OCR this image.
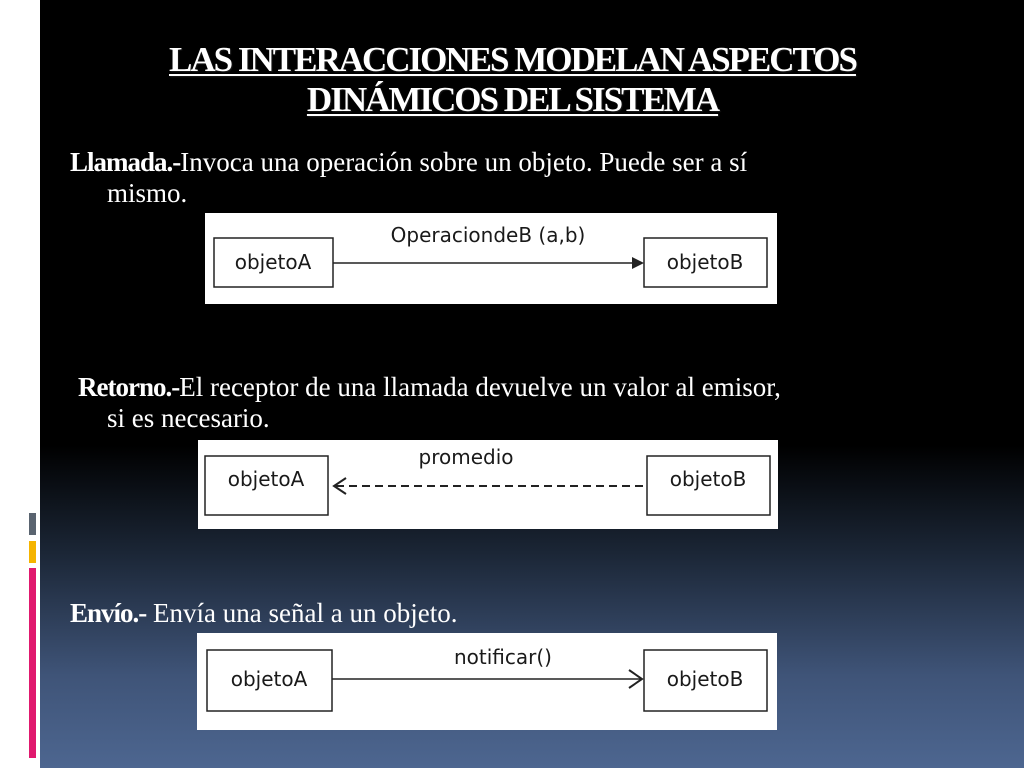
LAS INTERACCIONES MODELAN ASPECTOS
DINÁMICOS DEL SISTEMA
Llamada.-Invoca una operación sobre un objeto. Puede ser a sí
mismo.
objetoA	objetoB
OperaciondeB (a,b)
Retorno.-El receptor de una llamada devuelve un valor al emisor,
si es necesario.
objetoA	objetoB
promedio
Envío.- Envía una señal a un objeto.
objetoA	objetoB
notificar()
